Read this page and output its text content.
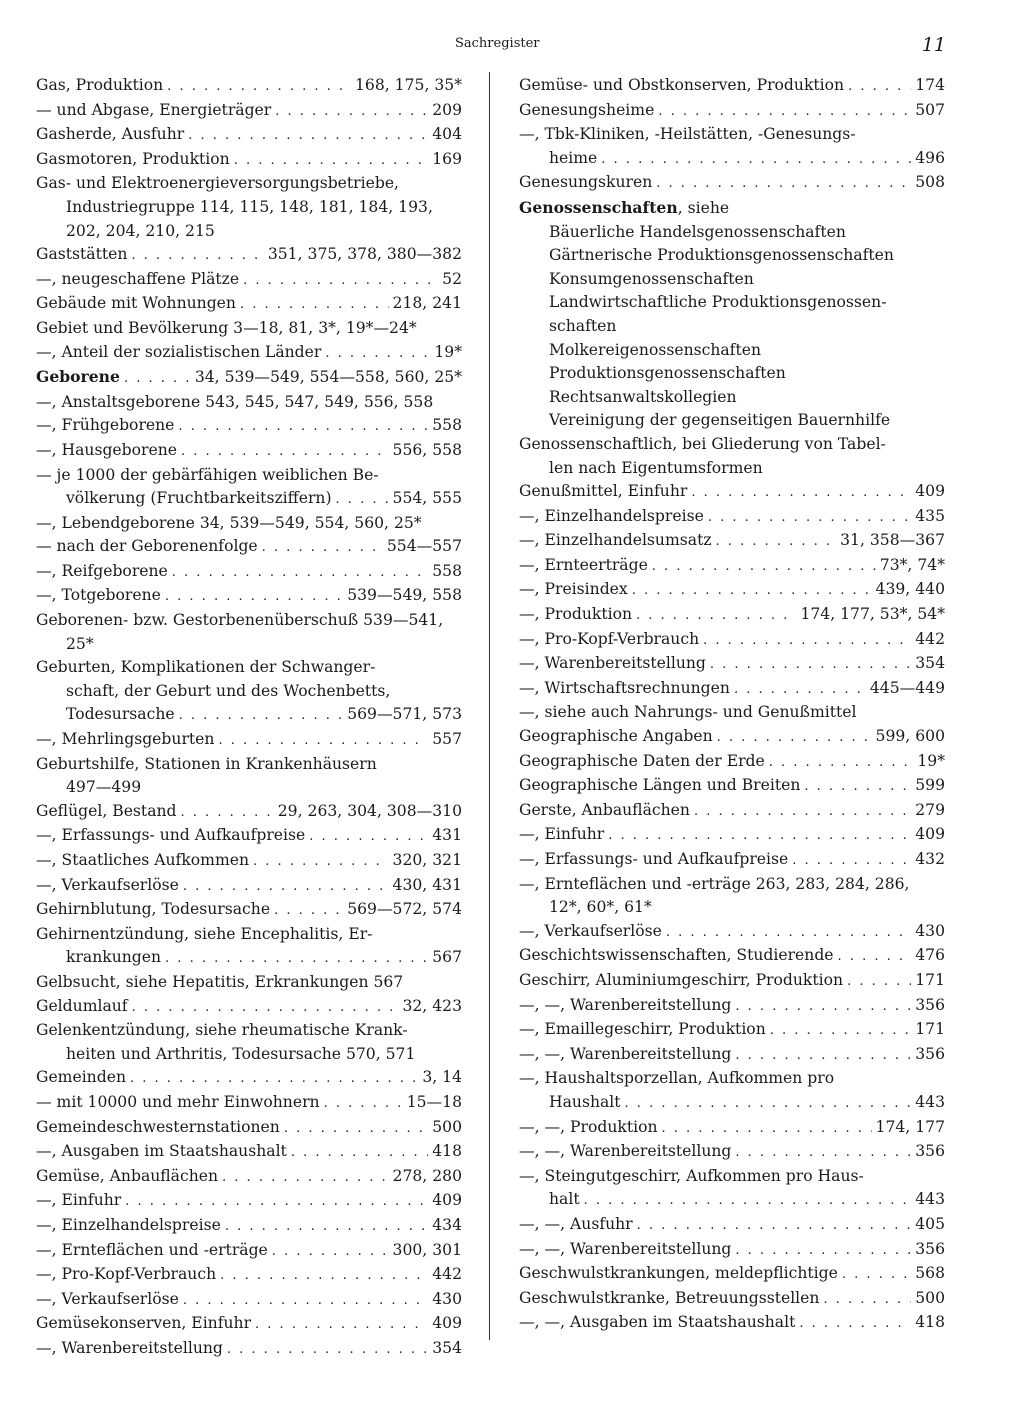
Sachregister	11
Gas, Produktion . . .	168, 175, 35*
— und Abgase, Energieträger . . .	209
Gasherde, Ausfuhr . . .	404
Gasmotoren, Produktion . . .	169
Gas- und Elektroenergieversorgungsbetriebe,
Industriegruppe 114, 115, 148, 181, 184, 193,
202, 204, 210, 215
Gaststätten . . .	351, 375, 378, 380—382
—, neugeschaffene Plätze . . .	52
Gebäude mit Wohnungen . . .	218, 241
Gebiet und Bevölkerung 3—18, 81, 3*, 19*—24*
—, Anteil der sozialistischen Länder . . .	19*
Geborene . . .	34, 539—549, 554—558, 560, 25*
—, Anstaltsgeborene 543, 545, 547, 549, 556, 558
—, Frühgeborene . . .	558
—, Hausgeborene . . .	556, 558
— je 1000 der gebärfähigen weiblichen Be-
völkerung (Fruchtbarkeitsziffern) . . .	554, 555
—, Lebendgeborene 34, 539—549, 554, 560, 25*
— nach der Geborenenfolge . . .	554—557
—, Reifgeborene . . .	558
—, Totgeborene . . .	539—549, 558
Geborenen- bzw. Gestorbenenüberschuß 539—541,
25*
Geburten, Komplikationen der Schwanger-
schaft, der Geburt und des Wochenbetts,
Todesursache . . .	569—571, 573
—, Mehrlingsgeburten . . .	557
Geburtshilfe, Stationen in Krankenhäusern
497—499
Geflügel, Bestand . . .	29, 263, 304, 308—310
—, Erfassungs- und Aufkaufpreise . . .	431
—, Staatliches Aufkommen . . .	320, 321
—, Verkaufserlöse . . .	430, 431
Gehirnblutung, Todesursache . . .	569—572, 574
Gehirnentzündung, siehe Encephalitis, Er-
krankungen . . .	567
Gelbsucht, siehe Hepatitis, Erkrankungen 567
Geldumlauf . . .	32, 423
Gelenkentzündung, siehe rheumatische Krank-
heiten und Arthritis, Todesursache 570, 571
Gemeinden . . .	3, 14
— mit 10000 und mehr Einwohnern . . .	15—18
Gemeindeschwesternstationen . . .	500
—, Ausgaben im Staatshaushalt . . .	418
Gemüse, Anbauflächen . . .	278, 280
—, Einfuhr . . .	409
—, Einzelhandelspreise . . .	434
—, Ernteflächen und -erträge . . .	300, 301
—, Pro-Kopf-Verbrauch . . .	442
—, Verkaufserlöse . . .	430
Gemüsekonserven, Einfuhr . . .	409
—, Warenbereitstellung . . .	354
Gemüse- und Obstkonserven, Produktion . . .	174
Genesungsheime . . .	507
—, Tbk-Kliniken, -Heilstätten, -Genesungs-
heime . . .	496
Genesungskuren . . .	508
Genossenschaften, siehe
Bäuerliche Handelsgenossenschaften
Gärtnerische Produktionsgenossenschaften
Konsumgenossenschaften
Landwirtschaftliche Produktionsgenossen-
schaften
Molkereigenossenschaften
Produktionsgenossenschaften
Rechtsanwaltskollegien
Vereinigung der gegenseitigen Bauernhilfe
Genossenschaftlich, bei Gliederung von Tabel-
len nach Eigentumsformen
Genußmittel, Einfuhr . . .	409
—, Einzelhandelspreise . . .	435
—, Einzelhandelsumsatz . . .	31, 358—367
—, Ernteerträge . . .	73*, 74*
—, Preisindex . . .	439, 440
—, Produktion . . .	174, 177, 53*, 54*
—, Pro-Kopf-Verbrauch . . .	442
—, Warenbereitstellung . . .	354
—, Wirtschaftsrechnungen . . .	445—449
—, siehe auch Nahrungs- und Genußmittel
Geographische Angaben . . .	599, 600
Geographische Daten der Erde . . .	19*
Geographische Längen und Breiten . . .	599
Gerste, Anbauflächen . . .	279
—, Einfuhr . . .	409
—, Erfassungs- und Aufkaufpreise . . .	432
—, Ernteflächen und -erträge 263, 283, 284, 286,
12*, 60*, 61*
—, Verkaufserlöse . . .	430
Geschichtswissenschaften, Studierende . . .	476
Geschirr, Aluminiumgeschirr, Produktion . . .	171
—, —, Warenbereitstellung . . .	356
—, Emaillegeschirr, Produktion . . .	171
—, —, Warenbereitstellung . . .	356
—, Haushaltsporzellan, Aufkommen pro
Haushalt . . .	443
—, —, Produktion . . .	174, 177
—, —, Warenbereitstellung . . .	356
—, Steingutgeschirr, Aufkommen pro Haus-
halt . . .	443
—, —, Ausfuhr . . .	405
—, —, Warenbereitstellung . . .	356
Geschwulstkrankungen, meldepflichtige . . .	568
Geschwulstkranke, Betreuungsstellen . . .	500
—, —, Ausgaben im Staatshaushalt . . .	418
